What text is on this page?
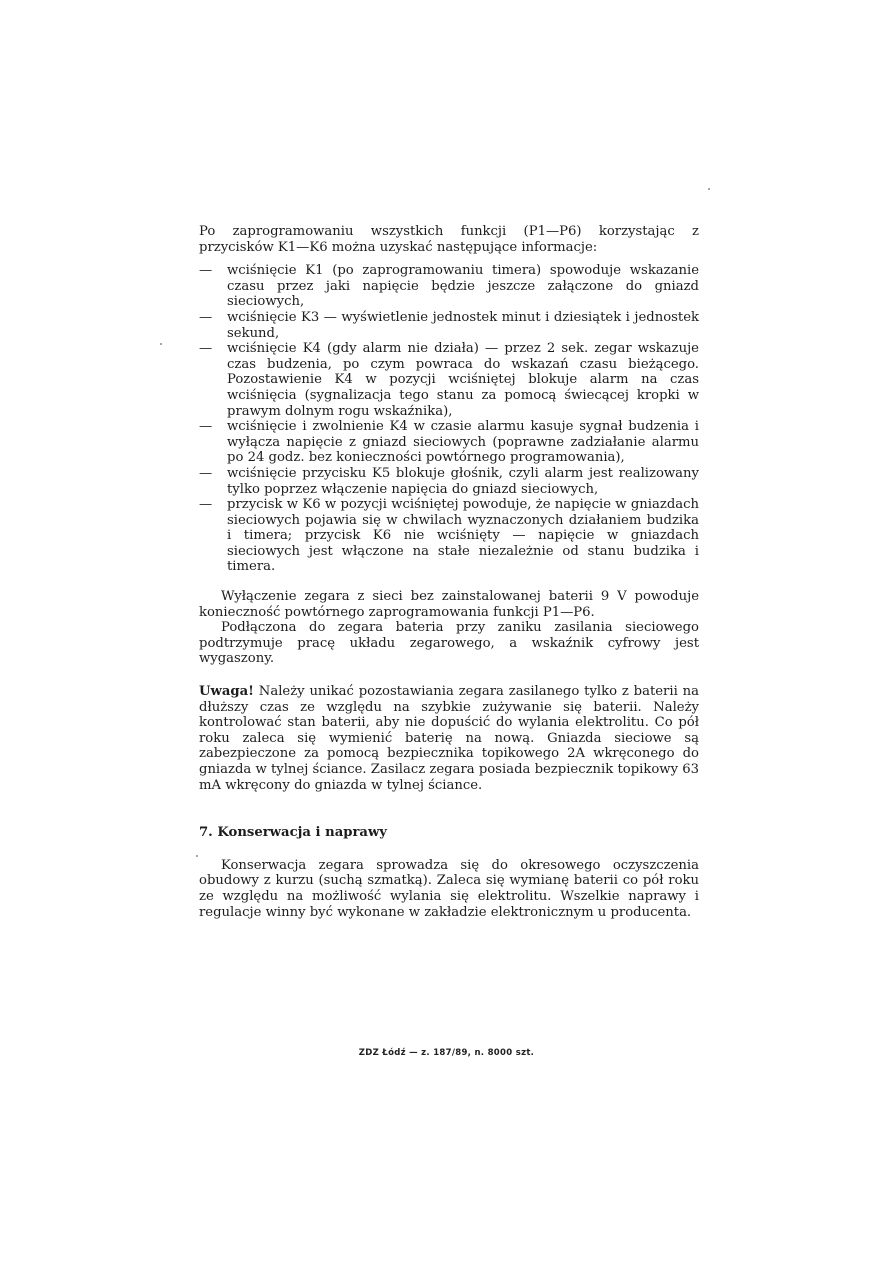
Po zaprogramowaniu wszystkich funkcji (P1—P6) korzystając z przycisków K1—K6 można uzyskać następujące informacje:

— wciśnięcie K1 (po zaprogramowaniu timera) spowoduje wskazanie czasu przez jaki napięcie będzie jeszcze załączone do gniazd sieciowych,
— wciśnięcie K3 — wyświetlenie jednostek minut i dziesiątek i jednostek sekund,
— wciśnięcie K4 (gdy alarm nie działa) — przez 2 sek. zegar wskazuje czas budzenia, po czym powraca do wskazań czasu bieżącego. Pozostawienie K4 w pozycji wciśniętej blokuje alarm na czas wciśnięcia (sygnalizacja tego stanu za pomocą świecącej kropki w prawym dolnym rogu wskaźnika),
— wciśnięcie i zwolnienie K4 w czasie alarmu kasuje sygnał budzenia i wyłącza napięcie z gniazd sieciowych (poprawne zadziałanie alarmu po 24 godz. bez konieczności powtórnego programowania),
— wciśnięcie przycisku K5 blokuje głośnik, czyli alarm jest realizowany tylko poprzez włączenie napięcia do gniazd sieciowych,
— przycisk w K6 w pozycji wciśniętej powoduje, że napięcie w gniazdach sieciowych pojawia się w chwilach wyznaczonych działaniem budzika i timera; przycisk K6 nie wciśnięty — napięcie w gniazdach sieciowych jest włączone na stałe niezależnie od stanu budzika i timera.

Wyłączenie zegara z sieci bez zainstalowanej baterii 9 V powoduje konieczność powtórnego zaprogramowania funkcji P1—P6.

Podłączona do zegara bateria przy zaniku zasilania sieciowego podtrzymuje pracę układu zegarowego, a wskaźnik cyfrowy jest wygaszony.

Uwaga! Należy unikać pozostawiania zegara zasilanego tylko z baterii na dłuższy czas ze względu na szybkie zużywanie się baterii. Należy kontrolować stan baterii, aby nie dopuścić do wylania elektrolitu. Co pół roku zaleca się wymienić baterię na nową. Gniazda sieciowe są zabezpieczone za pomocą bezpiecznika topikowego 2A wkręconego do gniazda w tylnej ściance. Zasilacz zegara posiada bezpiecznik topikowy 63 mA wkręcony do gniazda w tylnej ściance.

7. Konserwacja i naprawy

Konserwacja zegara sprowadza się do okresowego oczyszczenia obudowy z kurzu (suchą szmatką). Zaleca się wymianę baterii co pół roku ze względu na możliwość wylania się elektrolitu. Wszelkie naprawy i regulacje winny być wykonane w zakładzie elektronicznym u producenta.

ZDZ Łódź — z. 187/89, n. 8000 szt.
